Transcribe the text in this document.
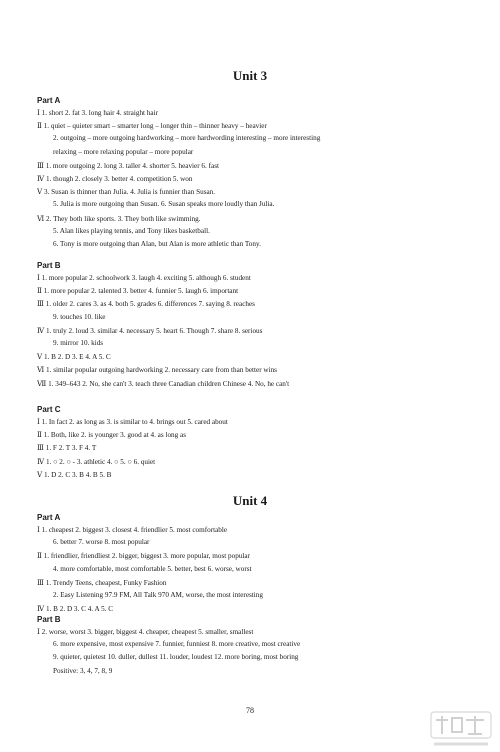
Unit 3
Part A
Ⅰ 1. short 2. fat 3. long hair 4. straight hair
Ⅱ 1. quiet – quieter smart – smarter long – longer thin – thinner heavy – heavier
2. outgoing – more outgoing hardworking – more hardwording interesting – more interesting
relaxing – more relaxing popular – more popular
Ⅲ 1. more outgoing 2. long 3. taller 4. shorter 5. heavier 6. fast
Ⅳ 1. though 2. closely 3. better 4. competition 5. won
Ⅴ 3. Susan is thinner than Julia. 4. Julia is funnier than Susan.
5. Julia is more outgoing than Susan. 6. Susan speaks more loudly than Julia.
Ⅵ 2. They both like sports. 3. They both like swimming.
5. Alan likes playing tennis, and Tony likes basketball.
6. Tony is more outgoing than Alan, but Alan is more athletic than Tony.
Part B
Ⅰ 1. more popular 2. schoolwork 3. laugh 4. exciting 5. although 6. student
Ⅱ 1. more popular 2. talented 3. better 4. funnier 5. laugh 6. important
Ⅲ 1. older 2. cares 3. as 4. both 5. grades 6. differences 7. saying 8. reaches
9. touches 10. like
Ⅳ 1. truly 2. loud 3. similar 4. necessary 5. heart 6. Though 7. share 8. serious
9. mirror 10. kids
Ⅴ 1. B 2. D 3. E 4. A 5. C
Ⅵ 1. similar popular outgoing hardworking 2. necessary care from than better wins
Ⅶ 1. 349–643 2. No, she can't 3. teach three Canadian children Chinese 4. No, he can't
Part C
Ⅰ 1. In fact 2. as long as 3. is similar to 4. brings out 5. cared about
Ⅱ 1. Both, like 2. is younger 3. good at 4. as long as
Ⅲ 1. F 2. T 3. F 4. T
Ⅳ 1. ○ 2. ○ - 3. athletic 4. ○ 5. ○ 6. quiet
Ⅴ 1. D 2. C 3. B 4. B 5. B
Unit 4
Part A
Ⅰ 1. cheapest 2. biggest 3. closest 4. friendlier 5. most comfortable
6. better 7. worse 8. most popular
Ⅱ 1. friendlier, friendliest 2. bigger, biggest 3. more popular, most popular
4. more comfortable, most comfortable 5. better, best 6. worse, worst
Ⅲ 1. Trendy Teens, cheapest, Funky Fashion
2. Easy Listening 97.9 FM, All Talk 970 AM, worse, the most interesting
Ⅳ 1. B 2. D 3. C 4. A 5. C
Part B
Ⅰ 2. worse, worst 3. bigger, biggest 4. cheaper, cheapest 5. smaller, smallest
6. more expensive, most expensive 7. funnier, funniest 8. more creative, most creative
9. quieter, quietest 10. duller, dullest 11. louder, loudest 12. more boring, most boring
Positive: 3, 4, 7, 8, 9
78
